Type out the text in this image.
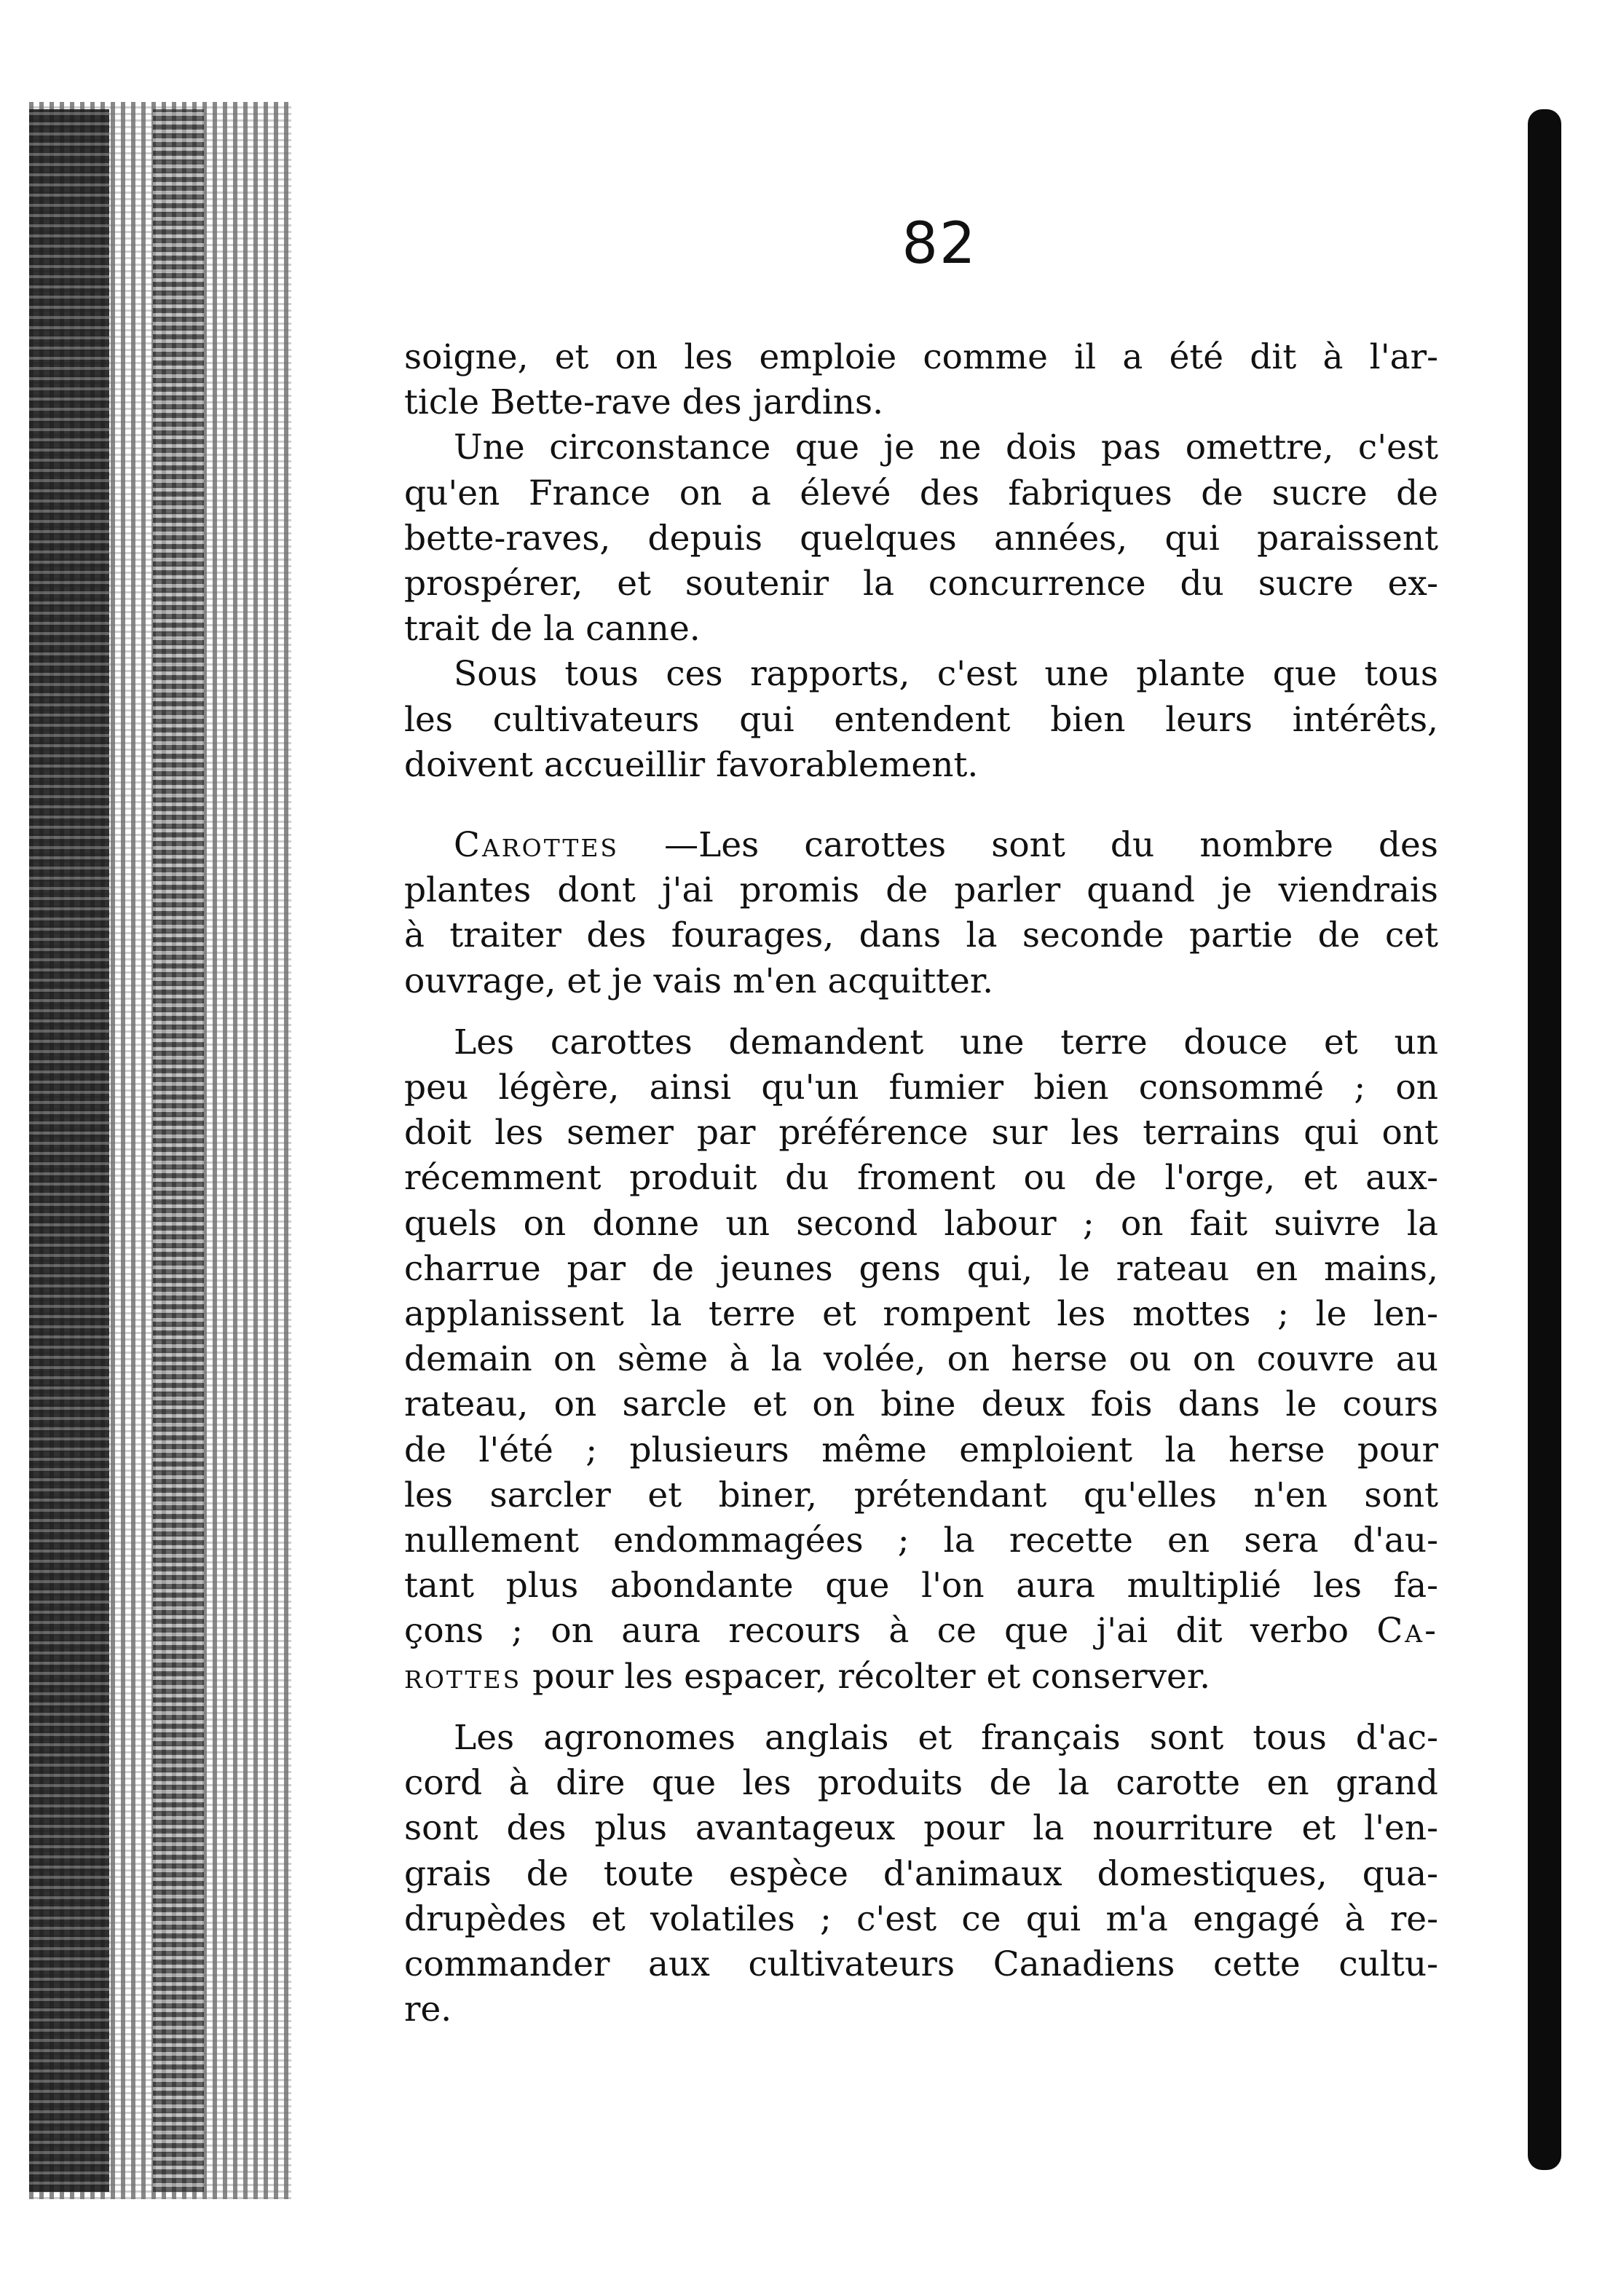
82

soigne, et on les emploie comme il a été dit à l'ar-
ticle Bette-rave des jardins.

Une circonstance que je ne dois pas omettre, c'est
qu'en France on a élevé des fabriques de sucre de
bette-raves, depuis quelques années, qui paraissent
prospérer, et soutenir la concurrence du sucre ex-
trait de la canne.

Sous tous ces rapports, c'est une plante que tous
les cultivateurs qui entendent bien leurs intérêts,
doivent accueillir favorablement.

Carottes —Les carottes sont du nombre des
plantes dont j'ai promis de parler quand je viendrais
à traiter des fourages, dans la seconde partie de cet
ouvrage, et je vais m'en acquitter.

Les carottes demandent une terre douce et un
peu légère, ainsi qu'un fumier bien consommé ; on
doit les semer par préférence sur les terrains qui ont
récemment produit du froment ou de l'orge, et aux-
quels on donne un second labour ; on fait suivre la
charrue par de jeunes gens qui, le rateau en mains,
applanissent la terre et rompent les mottes ; le len-
demain on sème à la volée, on herse ou on couvre au
rateau, on sarcle et on bine deux fois dans le cours
de l'été ; plusieurs même emploient la herse pour
les sarcler et biner, prétendant qu'elles n'en sont
nullement endommagées ; la recette en sera d'au-
tant plus abondante que l'on aura multiplié les fa-
çons ; on aura recours à ce que j'ai dit verbo Ca-
rottes pour les espacer, récolter et conserver.

Les agronomes anglais et français sont tous d'ac-
cord à dire que les produits de la carotte en grand
sont des plus avantageux pour la nourriture et l'en-
grais de toute espèce d'animaux domestiques, qua-
drupèdes et volatiles ; c'est ce qui m'a engagé à re-
commander aux cultivateurs Canadiens cette cultu-
re.
